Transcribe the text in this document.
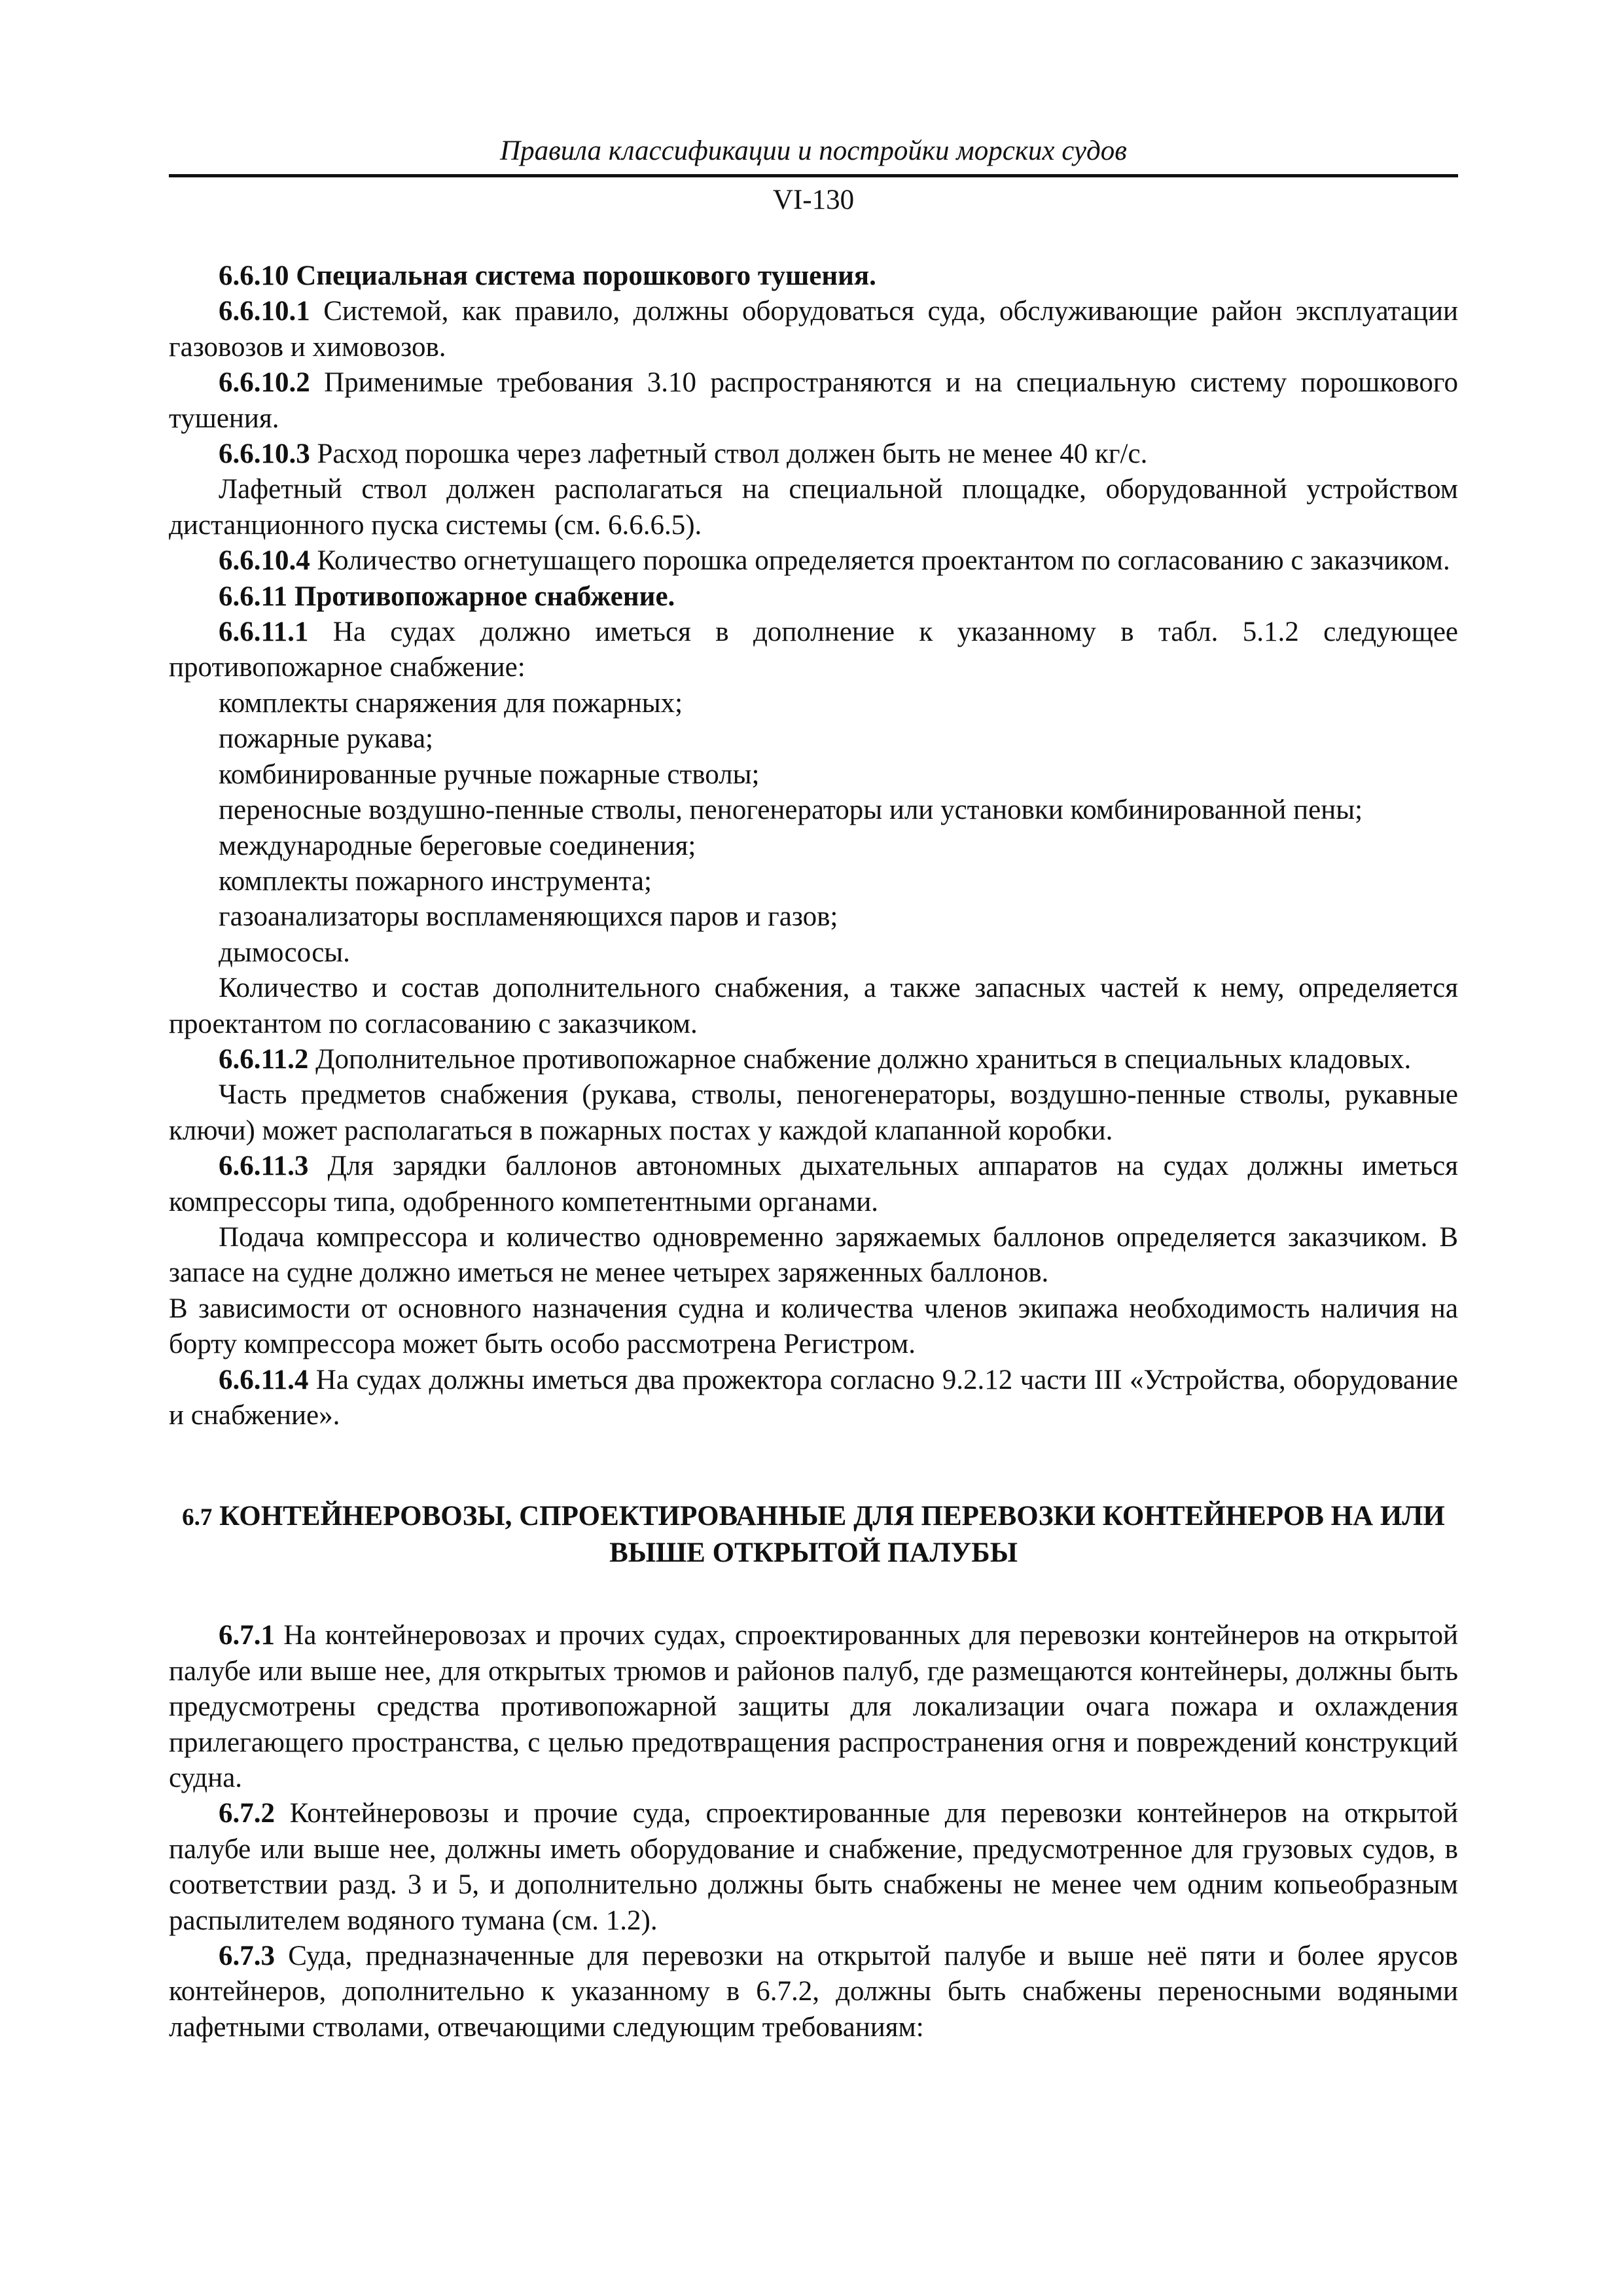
Правила классификации и постройки морских судов
VI-130

6.6.10 Специальная система порошкового тушения.

6.6.10.1 Системой, как правило, должны оборудоваться суда, обслуживающие район эксплуатации газовозов и химовозов.

6.6.10.2 Применимые требования 3.10 распространяются и на специальную систему порошкового тушения.

6.6.10.3 Расход порошка через лафетный ствол должен быть не менее 40 кг/с.

Лафетный ствол должен располагаться на специальной площадке, оборудованной устройством дистанционного пуска системы (см. 6.6.6.5).

6.6.10.4 Количество огнетушащего порошка определяется проектантом по согласованию с заказчиком.

6.6.11 Противопожарное снабжение.

6.6.11.1 На судах должно иметься в дополнение к указанному в табл. 5.1.2 следующее противопожарное снабжение:

комплекты снаряжения для пожарных;

пожарные рукава;

комбинированные ручные пожарные стволы;

переносные воздушно-пенные стволы, пеногенераторы или установки комбинированной пены;

международные береговые соединения;

комплекты пожарного инструмента;

газоанализаторы воспламеняющихся паров и газов;

дымососы.

Количество и состав дополнительного снабжения, а также запасных частей к нему, определяется проектантом по согласованию с заказчиком.

6.6.11.2 Дополнительное противопожарное снабжение должно храниться в специальных кладовых.

Часть предметов снабжения (рукава, стволы, пеногенераторы, воздушно-пенные стволы, рукавные ключи) может располагаться в пожарных постах у каждой клапанной коробки.

6.6.11.3 Для зарядки баллонов автономных дыхательных аппаратов на судах должны иметься компрессоры типа, одобренного компетентными органами.

Подача компрессора и количество одновременно заряжаемых баллонов определяется заказчиком. В запасе на судне должно иметься не менее четырех заряженных баллонов.

В зависимости от основного назначения судна и количества членов экипажа необходимость наличия на борту компрессора может быть особо рассмотрена Регистром.

6.6.11.4 На судах должны иметься два прожектора согласно 9.2.12 части III «Устройства, оборудование и снабжение».

6.7 КОНТЕЙНЕРОВОЗЫ, СПРОЕКТИРОВАННЫЕ ДЛЯ ПЕРЕВОЗКИ КОНТЕЙНЕРОВ НА ИЛИ ВЫШЕ ОТКРЫТОЙ ПАЛУБЫ

6.7.1 На контейнеровозах и прочих судах, спроектированных для перевозки контейнеров на открытой палубе или выше нее, для открытых трюмов и районов палуб, где размещаются контейнеры, должны быть предусмотрены средства противопожарной защиты для локализации очага пожара и охлаждения прилегающего пространства, с целью предотвращения распространения огня и повреждений конструкций судна.

6.7.2 Контейнеровозы и прочие суда, спроектированные для перевозки контейнеров на открытой палубе или выше нее, должны иметь оборудование и снабжение, предусмотренное для грузовых судов, в соответствии разд. 3 и 5, и дополнительно должны быть снабжены не менее чем одним копьеобразным распылителем водяного тумана (см. 1.2).

6.7.3 Суда, предназначенные для перевозки на открытой палубе и выше неё пяти и более ярусов контейнеров, дополнительно к указанному в 6.7.2, должны быть снабжены переносными водяными лафетными стволами, отвечающими следующим требованиям:
